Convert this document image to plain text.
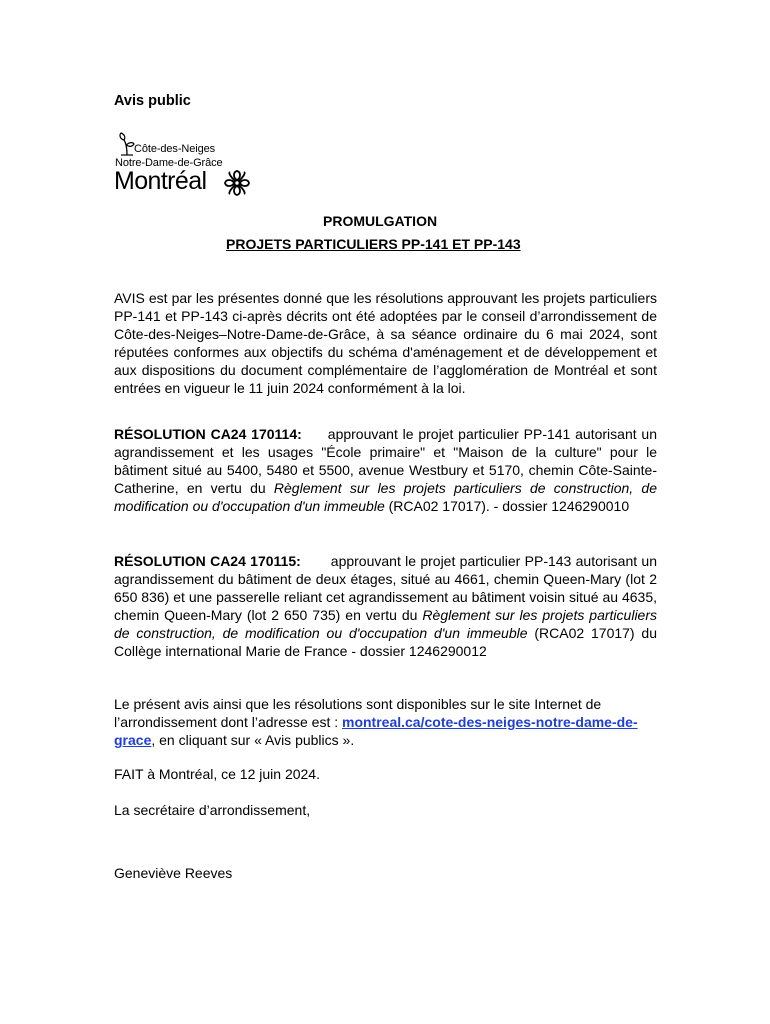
Avis public
Côte-des-Neiges
Notre-Dame-de-Grâce
Montréal
PROMULGATION
PROJETS PARTICULIERS PP-141 ET PP-143
AVIS est par les présentes donné que les résolutions approuvant les projets particuliers PP-141 et PP-143 ci-après décrits ont été adoptées par le conseil d’arrondissement de Côte-des-Neiges–Notre-Dame-de-Grâce, à sa séance ordinaire du 6 mai 2024, sont réputées conformes aux objectifs du schéma d'aménagement et de développement et aux dispositions du document complémentaire de l’agglomération de Montréal et sont entrées en vigueur le 11 juin 2024 conformément à la loi.
RÉSOLUTION CA24 170114: approuvant le projet particulier PP-141 autorisant un agrandissement et les usages "École primaire" et "Maison de la culture" pour le bâtiment situé au 5400, 5480 et 5500, avenue Westbury et 5170, chemin Côte-Sainte-Catherine, en vertu du Règlement sur les projets particuliers de construction, de modification ou d'occupation d'un immeuble (RCA02 17017). - dossier 1246290010
RÉSOLUTION CA24 170115: approuvant le projet particulier PP-143 autorisant un agrandissement du bâtiment de deux étages, situé au 4661, chemin Queen-Mary (lot 2 650 836) et une passerelle reliant cet agrandissement au bâtiment voisin situé au 4635, chemin Queen-Mary (lot 2 650 735) en vertu du Règlement sur les projets particuliers de construction, de modification ou d'occupation d'un immeuble (RCA02 17017) du Collège international Marie de France - dossier 1246290012
Le présent avis ainsi que les résolutions sont disponibles sur le site Internet de l’arrondissement dont l’adresse est : montreal.ca/cote-des-neiges-notre-dame-de-grace, en cliquant sur « Avis publics ».
FAIT à Montréal, ce 12 juin 2024.
La secrétaire d’arrondissement,
Geneviève Reeves
